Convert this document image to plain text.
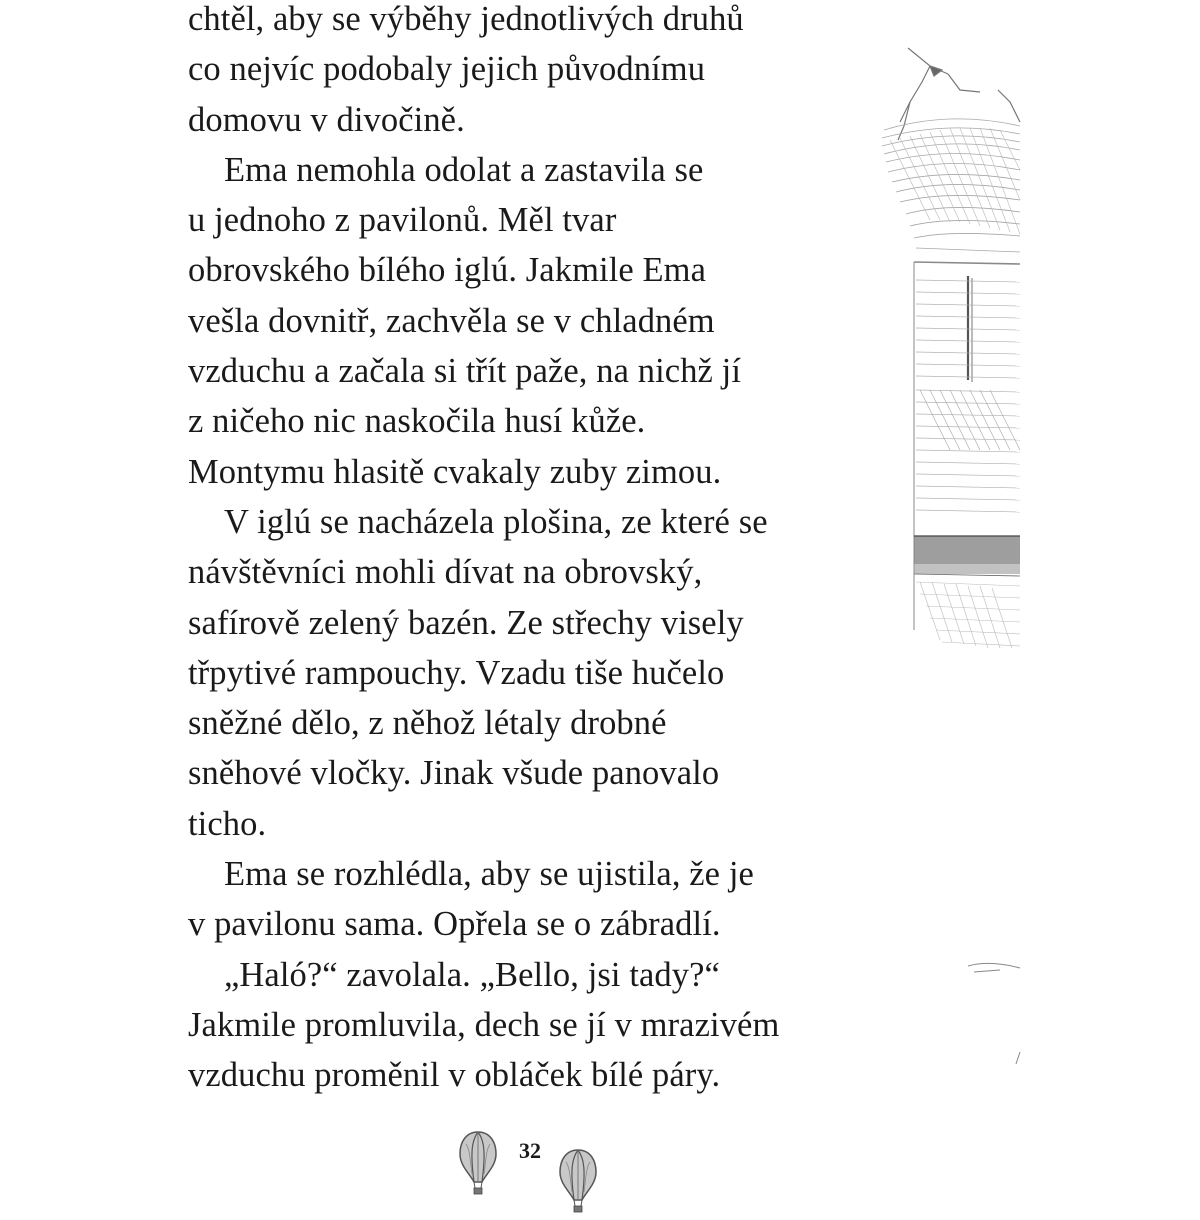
chtěl, aby se výběhy jednotlivých druhů
co nejvíc podobaly jejich původnímu
domovu v divočině.
Ema nemohla odolat a zastavila se
u jednoho z pavilonů. Měl tvar
obrovského bílého iglú. Jakmile Ema
vešla dovnitř, zachvěla se v chladném
vzduchu a začala si třít paže, na nichž jí
z ničeho nic naskočila husí kůže.
Montymu hlasitě cvakaly zuby zimou.
V iglú se nacházela plošina, ze které se
návštěvníci mohli dívat na obrovský,
safírově zelený bazén. Ze střechy visely
třpytivé rampouchy. Vzadu tiše hučelo
sněžné dělo, z něhož létaly drobné
sněhové vločky. Jinak všude panovalo
ticho.
Ema se rozhlédla, aby se ujistila, že je
v pavilonu sama. Opřela se o zábradlí.
„Haló?“ zavolala. „Bello, jsi tady?“
Jakmile promluvila, dech se jí v mrazivém
vzduchu proměnil v obláček bílé páry.
32
